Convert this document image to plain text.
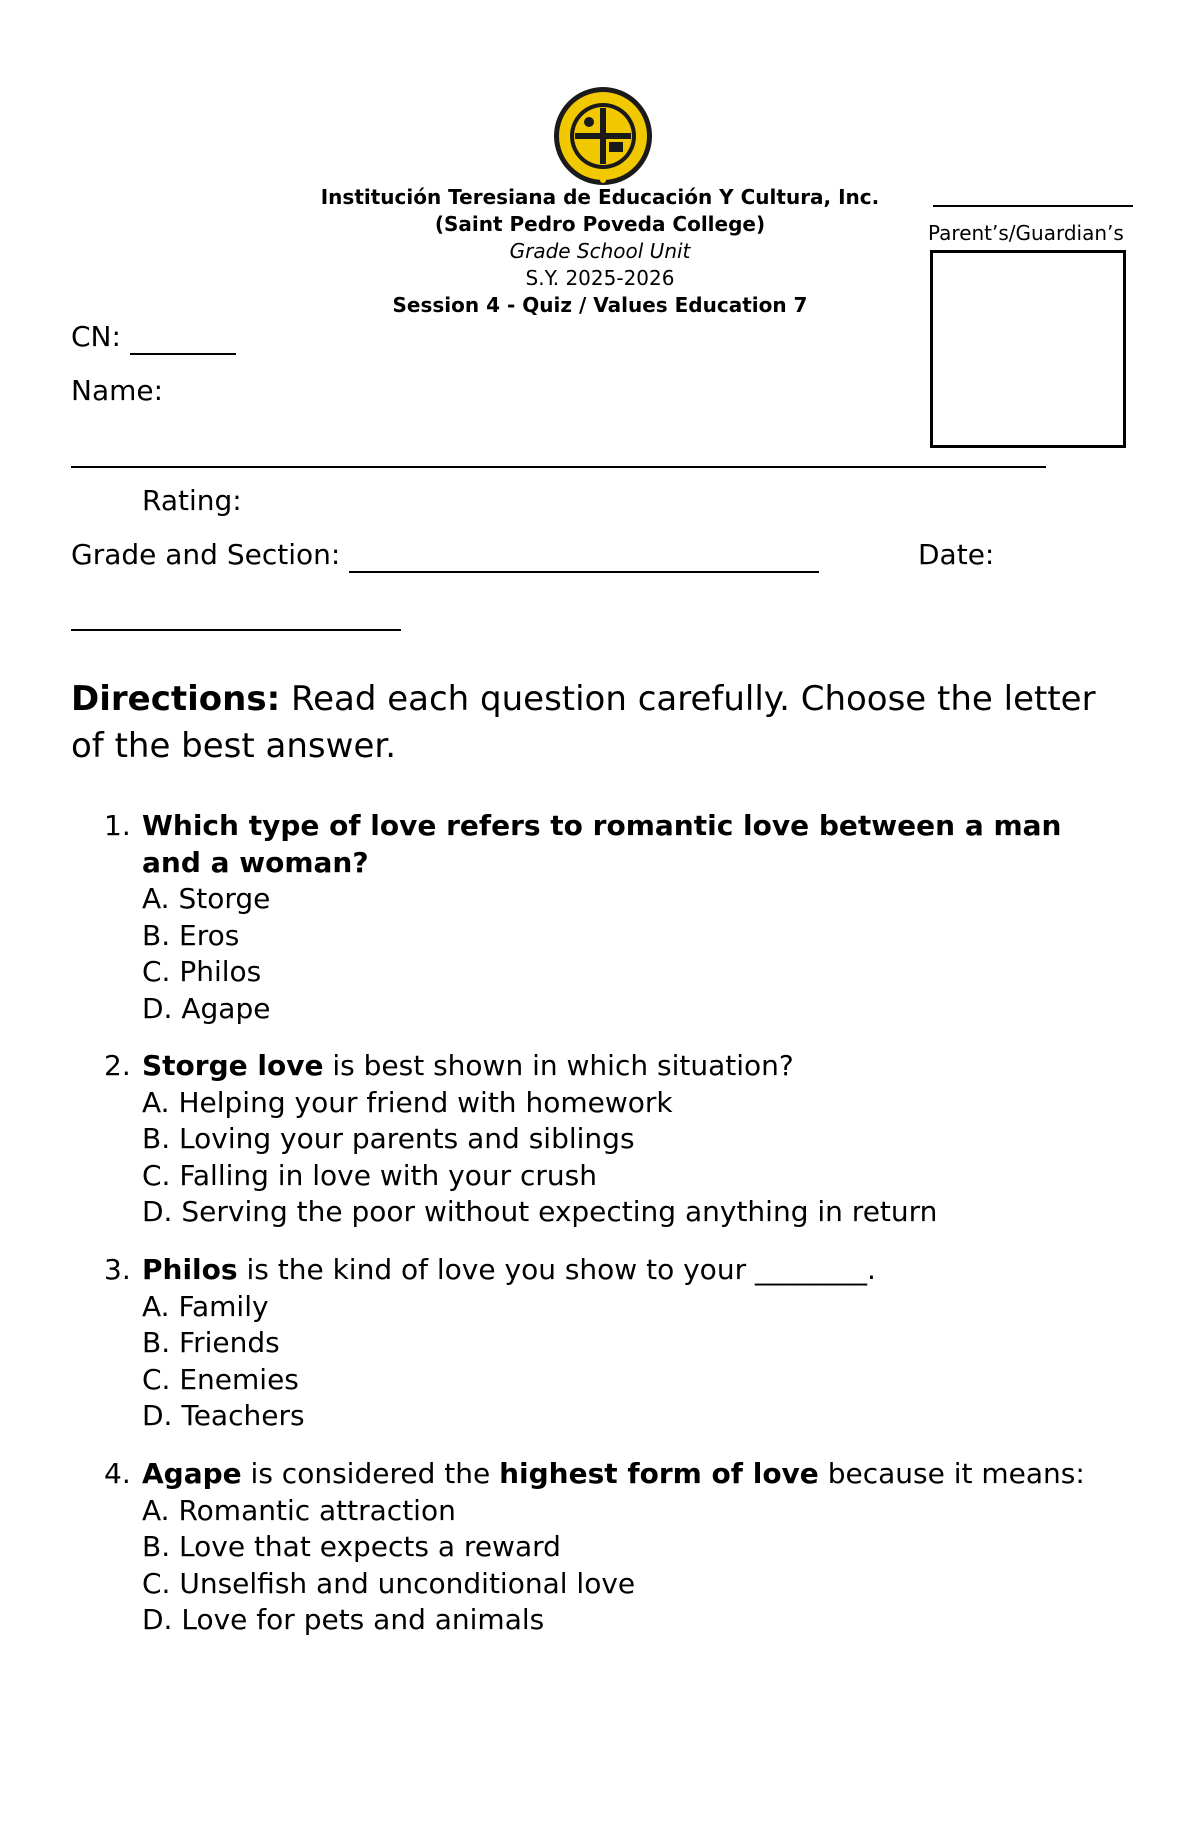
Institución Teresiana de Educación Y Cultura, Inc.
(Saint Pedro Poveda College)
Grade School Unit
S.Y. 2025-2026
Session 4 - Quiz / Values Education 7
Parent’s/Guardian’s
CN:
Name:
Rating:
Grade and Section:	Date:
Directions: Read each question carefully. Choose the letter of the best answer.
1. Which type of love refers to romantic love between a man and a woman?
A. Storge
B. Eros
C. Philos
D. Agape
2. Storge love is best shown in which situation?
A. Helping your friend with homework
B. Loving your parents and siblings
C. Falling in love with your crush
D. Serving the poor without expecting anything in return
3. Philos is the kind of love you show to your ________.
A. Family
B. Friends
C. Enemies
D. Teachers
4. Agape is considered the highest form of love because it means:
A. Romantic attraction
B. Love that expects a reward
C. Unselfish and unconditional love
D. Love for pets and animals
